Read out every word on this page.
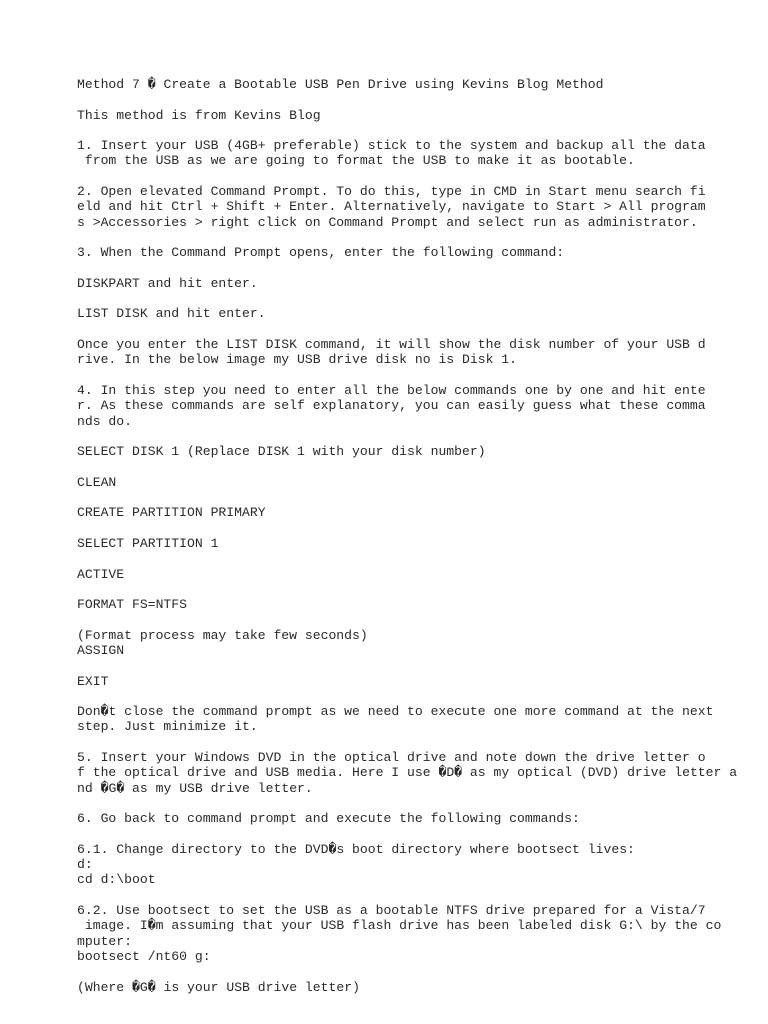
Method 7 � Create a Bootable USB Pen Drive using Kevins Blog Method

This method is from Kevins Blog

1. Insert your USB (4GB+ preferable) stick to the system and backup all the data
from the USB as we are going to format the USB to make it as bootable.

2. Open elevated Command Prompt. To do this, type in CMD in Start menu search fi
eld and hit Ctrl + Shift + Enter. Alternatively, navigate to Start > All program
s >Accessories > right click on Command Prompt and select run as administrator.

3. When the Command Prompt opens, enter the following command:

DISKPART and hit enter.

LIST DISK and hit enter.

Once you enter the LIST DISK command, it will show the disk number of your USB d
rive. In the below image my USB drive disk no is Disk 1.

4. In this step you need to enter all the below commands one by one and hit ente
r. As these commands are self explanatory, you can easily guess what these comma
nds do.

SELECT DISK 1 (Replace DISK 1 with your disk number)

CLEAN

CREATE PARTITION PRIMARY

SELECT PARTITION 1

ACTIVE

FORMAT FS=NTFS

(Format process may take few seconds)

ASSIGN

EXIT

Don�t close the command prompt as we need to execute one more command at the next
step. Just minimize it.

5. Insert your Windows DVD in the optical drive and note down the drive letter o
f the optical drive and USB media. Here I use �D� as my optical (DVD) drive letter a
nd �G� as my USB drive letter.

6. Go back to command prompt and execute the following commands:

6.1. Change directory to the DVD�s boot directory where bootsect lives:
d:
cd d:\boot

6.2. Use bootsect to set the USB as a bootable NTFS drive prepared for a Vista/7
image. I�m assuming that your USB flash drive has been labeled disk G:\ by the co
mputer:
bootsect /nt60 g:

(Where �G� is your USB drive letter)
